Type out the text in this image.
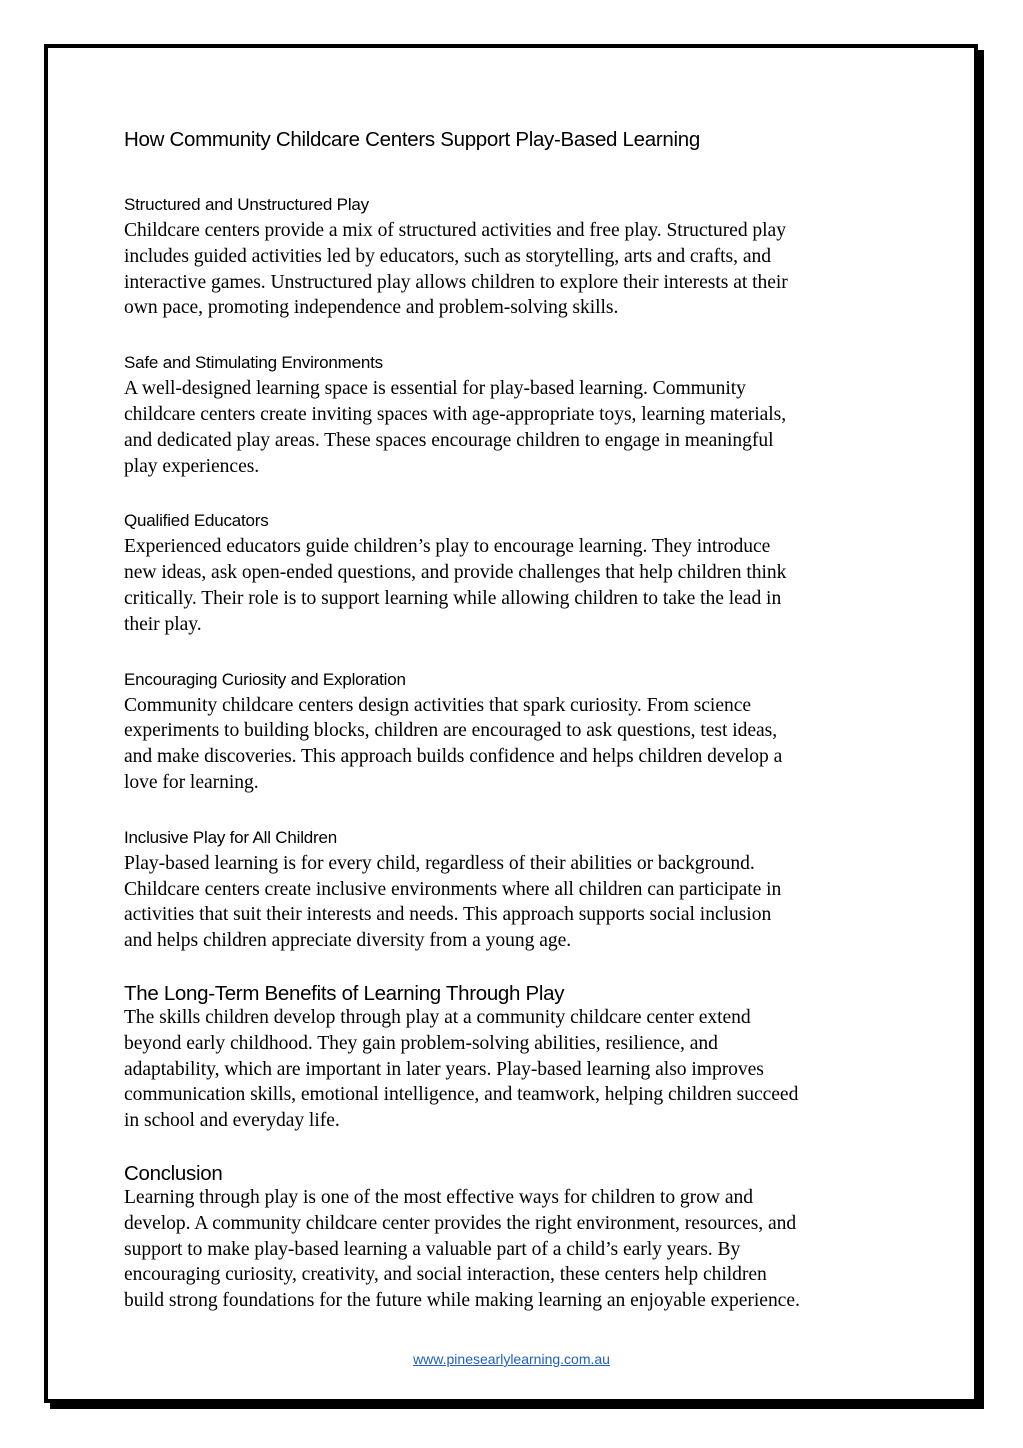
How Community Childcare Centers Support Play-Based Learning
Structured and Unstructured Play
Childcare centers provide a mix of structured activities and free play. Structured play
includes guided activities led by educators, such as storytelling, arts and crafts, and
interactive games. Unstructured play allows children to explore their interests at their
own pace, promoting independence and problem-solving skills.
Safe and Stimulating Environments
A well-designed learning space is essential for play-based learning. Community
childcare centers create inviting spaces with age-appropriate toys, learning materials,
and dedicated play areas. These spaces encourage children to engage in meaningful
play experiences.
Qualified Educators
Experienced educators guide children’s play to encourage learning. They introduce
new ideas, ask open-ended questions, and provide challenges that help children think
critically. Their role is to support learning while allowing children to take the lead in
their play.
Encouraging Curiosity and Exploration
Community childcare centers design activities that spark curiosity. From science
experiments to building blocks, children are encouraged to ask questions, test ideas,
and make discoveries. This approach builds confidence and helps children develop a
love for learning.
Inclusive Play for All Children
Play-based learning is for every child, regardless of their abilities or background.
Childcare centers create inclusive environments where all children can participate in
activities that suit their interests and needs. This approach supports social inclusion
and helps children appreciate diversity from a young age.
The Long-Term Benefits of Learning Through Play
The skills children develop through play at a community childcare center extend
beyond early childhood. They gain problem-solving abilities, resilience, and
adaptability, which are important in later years. Play-based learning also improves
communication skills, emotional intelligence, and teamwork, helping children succeed
in school and everyday life.
Conclusion
Learning through play is one of the most effective ways for children to grow and
develop. A community childcare center provides the right environment, resources, and
support to make play-based learning a valuable part of a child’s early years. By
encouraging curiosity, creativity, and social interaction, these centers help children
build strong foundations for the future while making learning an enjoyable experience.
www.pinesearlylearning.com.au
